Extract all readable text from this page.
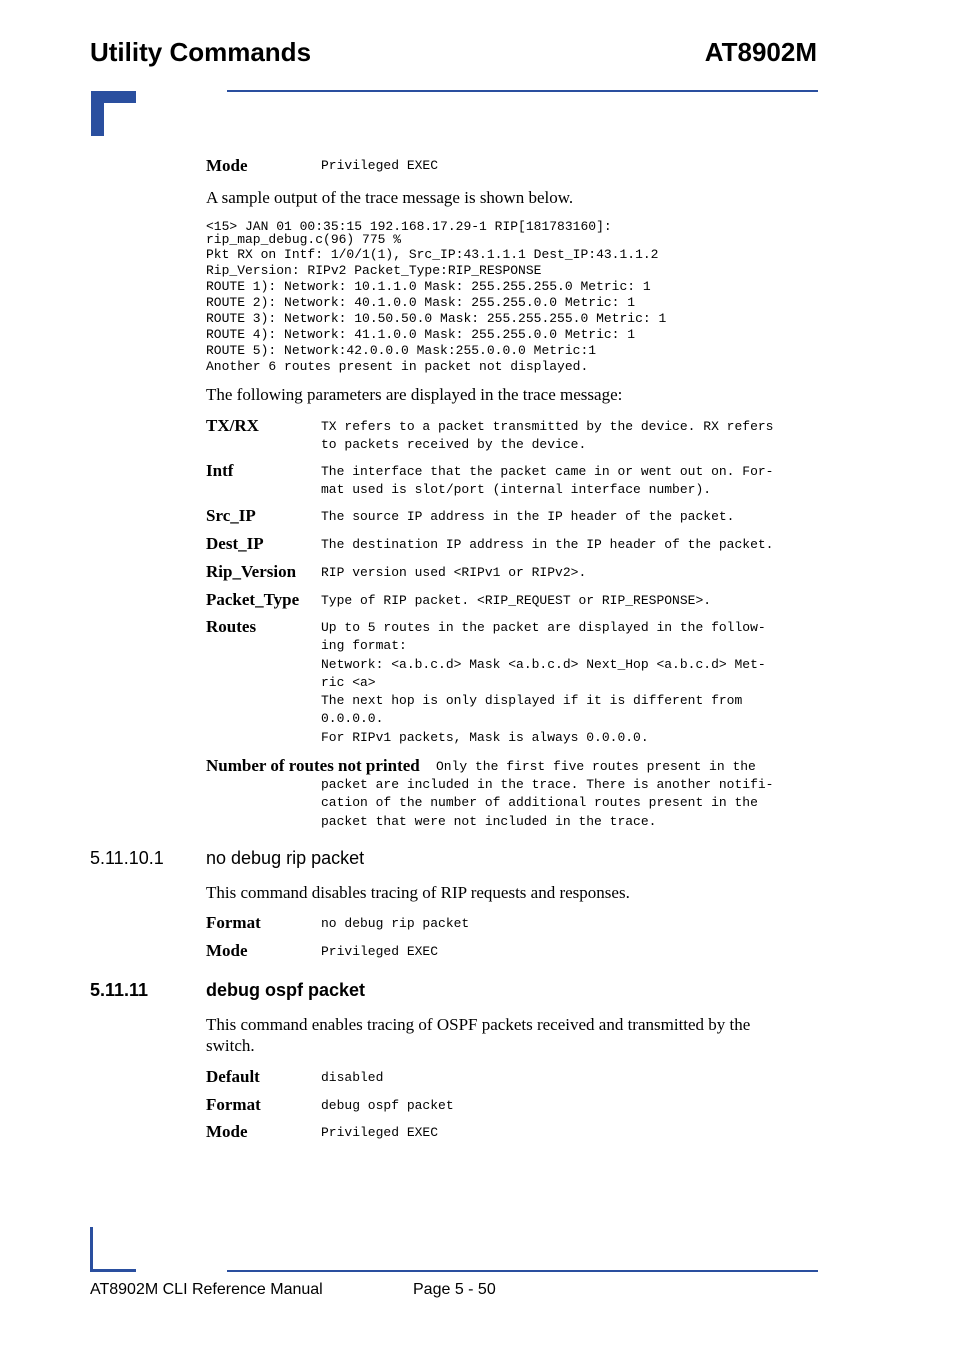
Utility Commands	AT8902M
Mode	Privileged EXEC
A sample output of the trace message is shown below.
<15> JAN 01 00:35:15 192.168.17.29-1 RIP[181783160]:
rip_map_debug.c(96) 775 %
Pkt RX on Intf: 1/0/1(1), Src_IP:43.1.1.1 Dest_IP:43.1.1.2
Rip_Version: RIPv2 Packet_Type:RIP_RESPONSE
ROUTE 1): Network: 10.1.1.0 Mask: 255.255.255.0 Metric: 1
ROUTE 2): Network: 40.1.0.0 Mask: 255.255.0.0 Metric: 1
ROUTE 3): Network: 10.50.50.0 Mask: 255.255.255.0 Metric: 1
ROUTE 4): Network: 41.1.0.0 Mask: 255.255.0.0 Metric: 1
ROUTE 5): Network:42.0.0.0 Mask:255.0.0.0 Metric:1
Another 6 routes present in packet not displayed.
The following parameters are displayed in the trace message:
TX/RX	TX refers to a packet transmitted by the device. RX refers
to packets received by the device.
Intf	The interface that the packet came in or went out on. For-
mat used is slot/port (internal interface number).
Src_IP	The source IP address in the IP header of the packet.
Dest_IP	The destination IP address in the IP header of the packet.
Rip_Version RIP version used <RIPv1 or RIPv2>.
Packet_Type Type of RIP packet. <RIP_REQUEST or RIP_RESPONSE>.
Routes	Up to 5 routes in the packet are displayed in the follow-
ing format:
Network: <a.b.c.d> Mask <a.b.c.d> Next_Hop <a.b.c.d> Met-
ric <a>
The next hop is only displayed if it is different from
0.0.0.0.
For RIPv1 packets, Mask is always 0.0.0.0.
Number of routes not printed Only the first five routes present in the
packet are included in the trace. There is another notifi-
cation of the number of additional routes present in the
packet that were not included in the trace.
5.11.10.1 no debug rip packet
This command disables tracing of RIP requests and responses.
Format	no debug rip packet
Mode	Privileged EXEC
5.11.11	debug ospf packet
This command enables tracing of OSPF packets received and transmitted by the
switch.
Default	disabled
Format	debug ospf packet
Mode	Privileged EXEC
AT8902M CLI Reference Manual	Page 5 - 50
